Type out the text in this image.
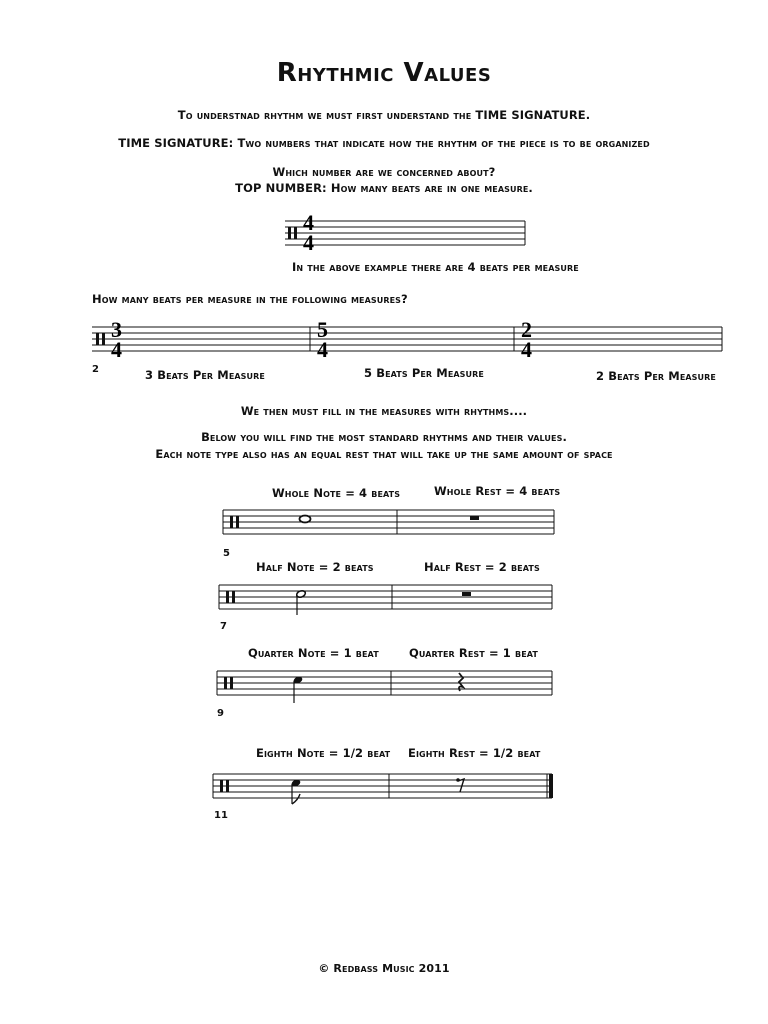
Rhythmic Values
To understnad rhythm we must first understand the TIME SIGNATURE.
TIME SIGNATURE: Two numbers that indicate how the rhythm of the piece is to be organized
Which number are we concerned about?
TOP NUMBER: How many beats are in one measure.
4
4
In the above example there are 4 beats per measure
How many beats per measure in the following measures?
3
4
5
4
2
4
2	3 Beats Per Measure	5 Beats Per Measure	2 Beats Per Measure
We then must fill in the measures with rhythms....
Below you will find the most standard rhythms and their values.
Each note type also has an equal rest that will take up the same amount of space
Whole Note = 4 beats	Whole Rest = 4 beats
5
Half Note = 2 beats	Half Rest = 2 beats
7
Quarter Note = 1 beat	Quarter Rest = 1 beat
9
Eighth Note = 1/2 beat Eighth Rest = 1/2 beat
11
© Redbass Music 2011
